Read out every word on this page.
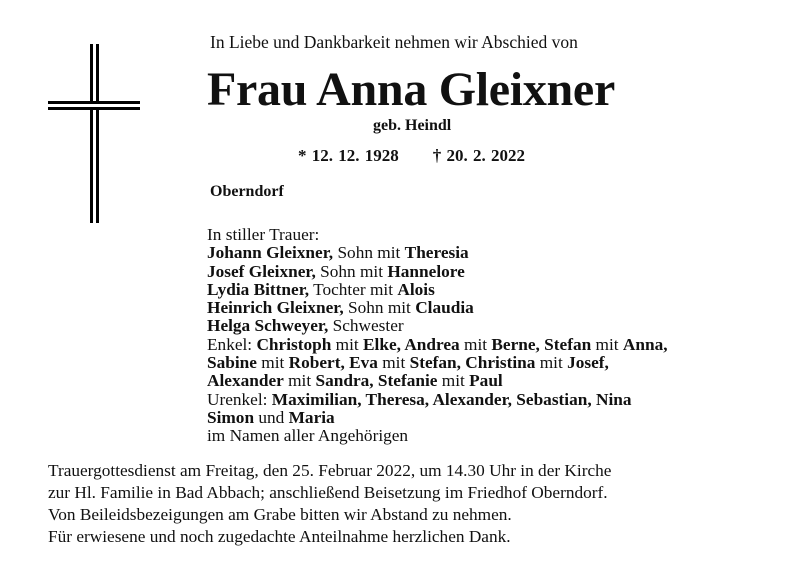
In Liebe und Dankbarkeit nehmen wir Abschied von
Frau Anna Gleixner
geb. Heindl
* 12. 12. 1928 † 20. 2. 2022
Oberndorf
In stiller Trauer:
Johann Gleixner, Sohn mit Theresia
Josef Gleixner, Sohn mit Hannelore
Lydia Bittner, Tochter mit Alois
Heinrich Gleixner, Sohn mit Claudia
Helga Schweyer, Schwester
Enkel: Christoph mit Elke, Andrea mit Berne, Stefan mit Anna,
Sabine mit Robert, Eva mit Stefan, Christina mit Josef,
Alexander mit Sandra, Stefanie mit Paul
Urenkel: Maximilian, Theresa, Alexander, Sebastian, Nina
Simon und Maria
im Namen aller Angehörigen
Trauergottesdienst am Freitag, den 25. Februar 2022, um 14.30 Uhr in der Kirche
zur Hl. Familie in Bad Abbach; anschließend Beisetzung im Friedhof Oberndorf.
Von Beileidsbezeigungen am Grabe bitten wir Abstand zu nehmen.
Für erwiesene und noch zugedachte Anteilnahme herzlichen Dank.
